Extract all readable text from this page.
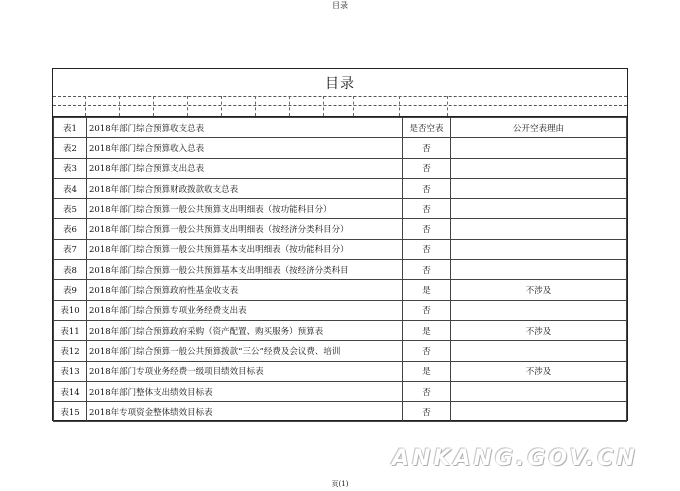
目录
目录
表1	2018年部门综合预算收支总表	是否空表	公开空表理由
表2	2018年部门综合预算收入总表	否	
表3	2018年部门综合预算支出总表	否	
表4	2018年部门综合预算财政拨款收支总表	否	
表5	2018年部门综合预算一般公共预算支出明细表（按功能科目分）	否	
表6	2018年部门综合预算一般公共预算支出明细表（按经济分类科目分）	否	
表7	2018年部门综合预算一般公共预算基本支出明细表（按功能科目分）	否	
表8	2018年部门综合预算一般公共预算基本支出明细表（按经济分类科目	否	
表9	2018年部门综合预算政府性基金收支表	是	不涉及
表10	2018年部门综合预算专项业务经费支出表	否	
表11	2018年部门综合预算政府采购（资产配置、购买服务）预算表	是	不涉及
表12	2018年部门综合预算一般公共预算拨款“三公”经费及会议费、培训	否	
表13	2018年部门专项业务经费一级项目绩效目标表	是	不涉及
表14	2018年部门整体支出绩效目标表	否	
表15	2018年专项资金整体绩效目标表	否	
ANKANG.GOV.CN
页(1)
